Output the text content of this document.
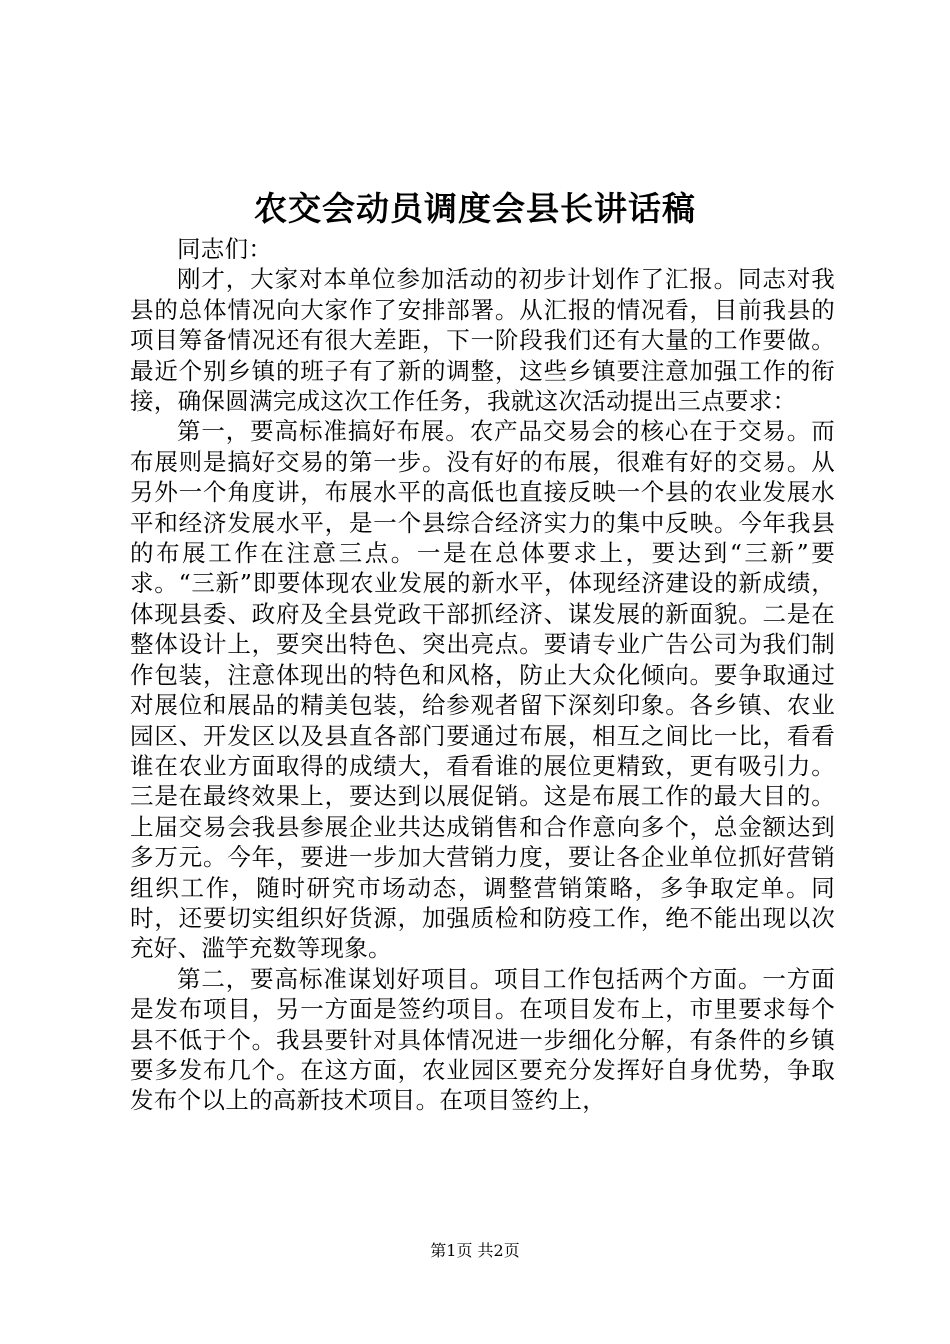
农交会动员调度会县长讲话稿

同志们：

刚才，大家对本单位参加活动的初步计划作了汇报。同志对我县的总体情况向大家作了安排部署。从汇报的情况看，目前我县的项目筹备情况还有很大差距，下一阶段我们还有大量的工作要做。最近个别乡镇的班子有了新的调整，这些乡镇要注意加强工作的衔接，确保圆满完成这次工作任务，我就这次活动提出三点要求：

第一，要高标准搞好布展。农产品交易会的核心在于交易。而布展则是搞好交易的第一步。没有好的布展，很难有好的交易。从另外一个角度讲，布展水平的高低也直接反映一个县的农业发展水平和经济发展水平，是一个县综合经济实力的集中反映。今年我县的布展工作在注意三点。一是在总体要求上，要达到“三新”要求。“三新”即要体现农业发展的新水平，体现经济建设的新成绩，体现县委、政府及全县党政干部抓经济、谋发展的新面貌。二是在整体设计上，要突出特色、突出亮点。要请专业广告公司为我们制作包装，注意体现出的特色和风格，防止大众化倾向。要争取通过对展位和展品的精美包装，给参观者留下深刻印象。各乡镇、农业园区、开发区以及县直各部门要通过布展，相互之间比一比，看看谁在农业方面取得的成绩大，看看谁的展位更精致，更有吸引力。三是在最终效果上，要达到以展促销。这是布展工作的最大目的。上届交易会我县参展企业共达成销售和合作意向多个，总金额达到多万元。今年，要进一步加大营销力度，要让各企业单位抓好营销组织工作，随时研究市场动态，调整营销策略，多争取定单。同时，还要切实组织好货源，加强质检和防疫工作，绝不能出现以次充好、滥竽充数等现象。

第二，要高标准谋划好项目。项目工作包括两个方面。一方面是发布项目，另一方面是签约项目。在项目发布上，市里要求每个县不低于个。我县要针对具体情况进一步细化分解，有条件的乡镇要多发布几个。在这方面，农业园区要充分发挥好自身优势，争取发布个以上的高新技术项目。在项目签约上，

第1页 共2页
